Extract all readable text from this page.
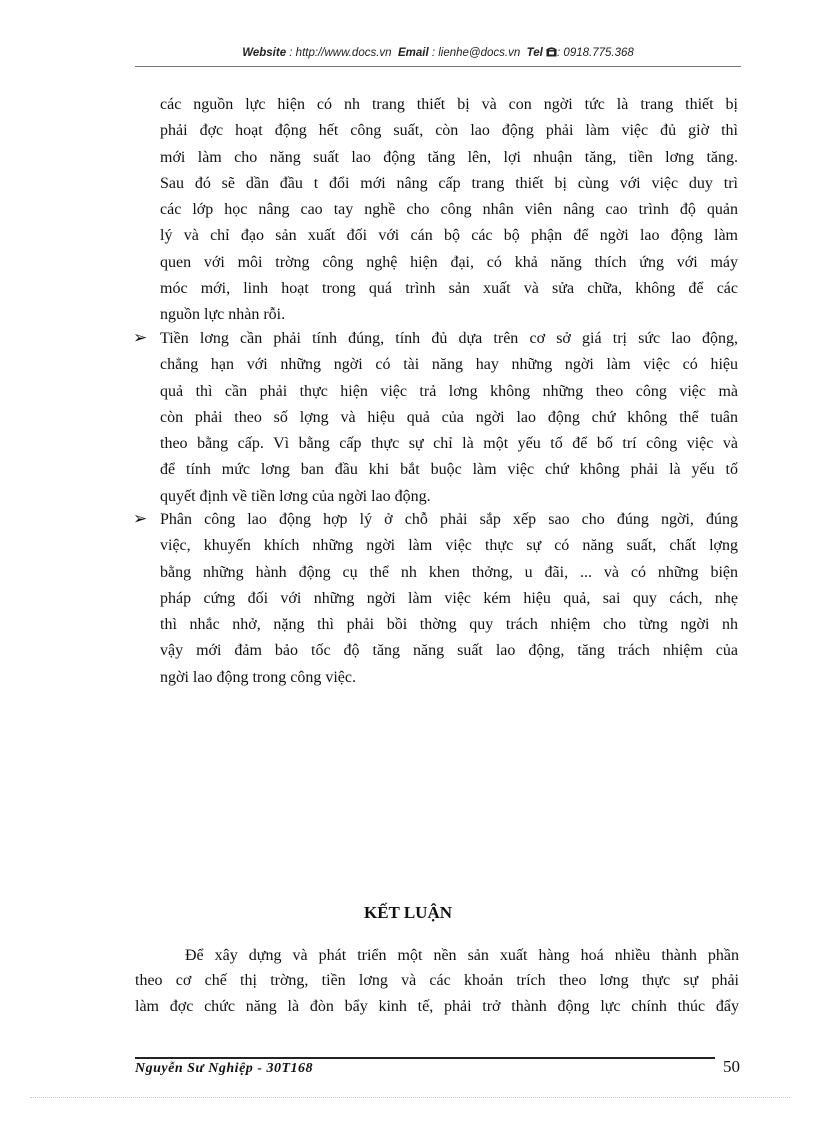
Website : http://www.docs.vn Email : lienhe@docs.vn Tel : 0918.775.368
các nguồn lực hiện có nh trang thiết bị và con ngời tức là trang thiết bị
phải đợc hoạt động hết công suất, còn lao động phải làm việc đủ giờ thì
mới làm cho năng suất lao động tăng lên, lợi nhuận tăng, tiền lơng tăng.
Sau đó sẽ dần đầu t đổi mới nâng cấp trang thiết bị cùng với việc duy trì
các lớp học nâng cao tay nghề cho công nhân viên nâng cao trình độ quản
lý và chỉ đạo sản xuất đối với cán bộ các bộ phận để ngời lao động làm
quen với môi trờng công nghệ hiện đại, có khả năng thích ứng với máy
móc mới, linh hoạt trong quá trình sản xuất và sửa chữa, không để các
nguồn lực nhàn rỗi.
➢ Tiền lơng cần phải tính đúng, tính đủ dựa trên cơ sở giá trị sức lao động,
chẳng hạn với những ngời có tài năng hay những ngời làm việc có hiệu
quả thì cần phải thực hiện việc trả lơng không những theo công việc mà
còn phải theo số lợng và hiệu quả của ngời lao động chứ không thể tuân
theo bằng cấp. Vì bằng cấp thực sự chỉ là một yếu tố để bố trí công việc và
để tính mức lơng ban đầu khi bắt buộc làm việc chứ không phải là yếu tố
quyết định về tiền lơng của ngời lao động.
➢ Phân công lao động hợp lý ở chỗ phải sắp xếp sao cho đúng ngời, đúng
việc, khuyến khích những ngời làm việc thực sự có năng suất, chất lợng
bằng những hành động cụ thể nh khen thởng, u đãi, ... và có những biện
pháp cứng đối với những ngời làm việc kém hiệu quả, sai quy cách, nhẹ
thì nhắc nhở, nặng thì phải bồi thờng quy trách nhiệm cho từng ngời nh
vậy mới đảm bảo tốc độ tăng năng suất lao động, tăng trách nhiệm của
ngời lao động trong công việc.
KẾT LUẬN
Để xây dựng và phát triển một nền sản xuất hàng hoá nhiều thành phần
theo cơ chế thị trờng, tiền lơng và các khoản trích theo lơng thực sự phải
làm đợc chức năng là đòn bẩy kinh tế, phải trở thành động lực chính thúc đẩy
Nguyễn Sư Nghiệp - 30T168	50
